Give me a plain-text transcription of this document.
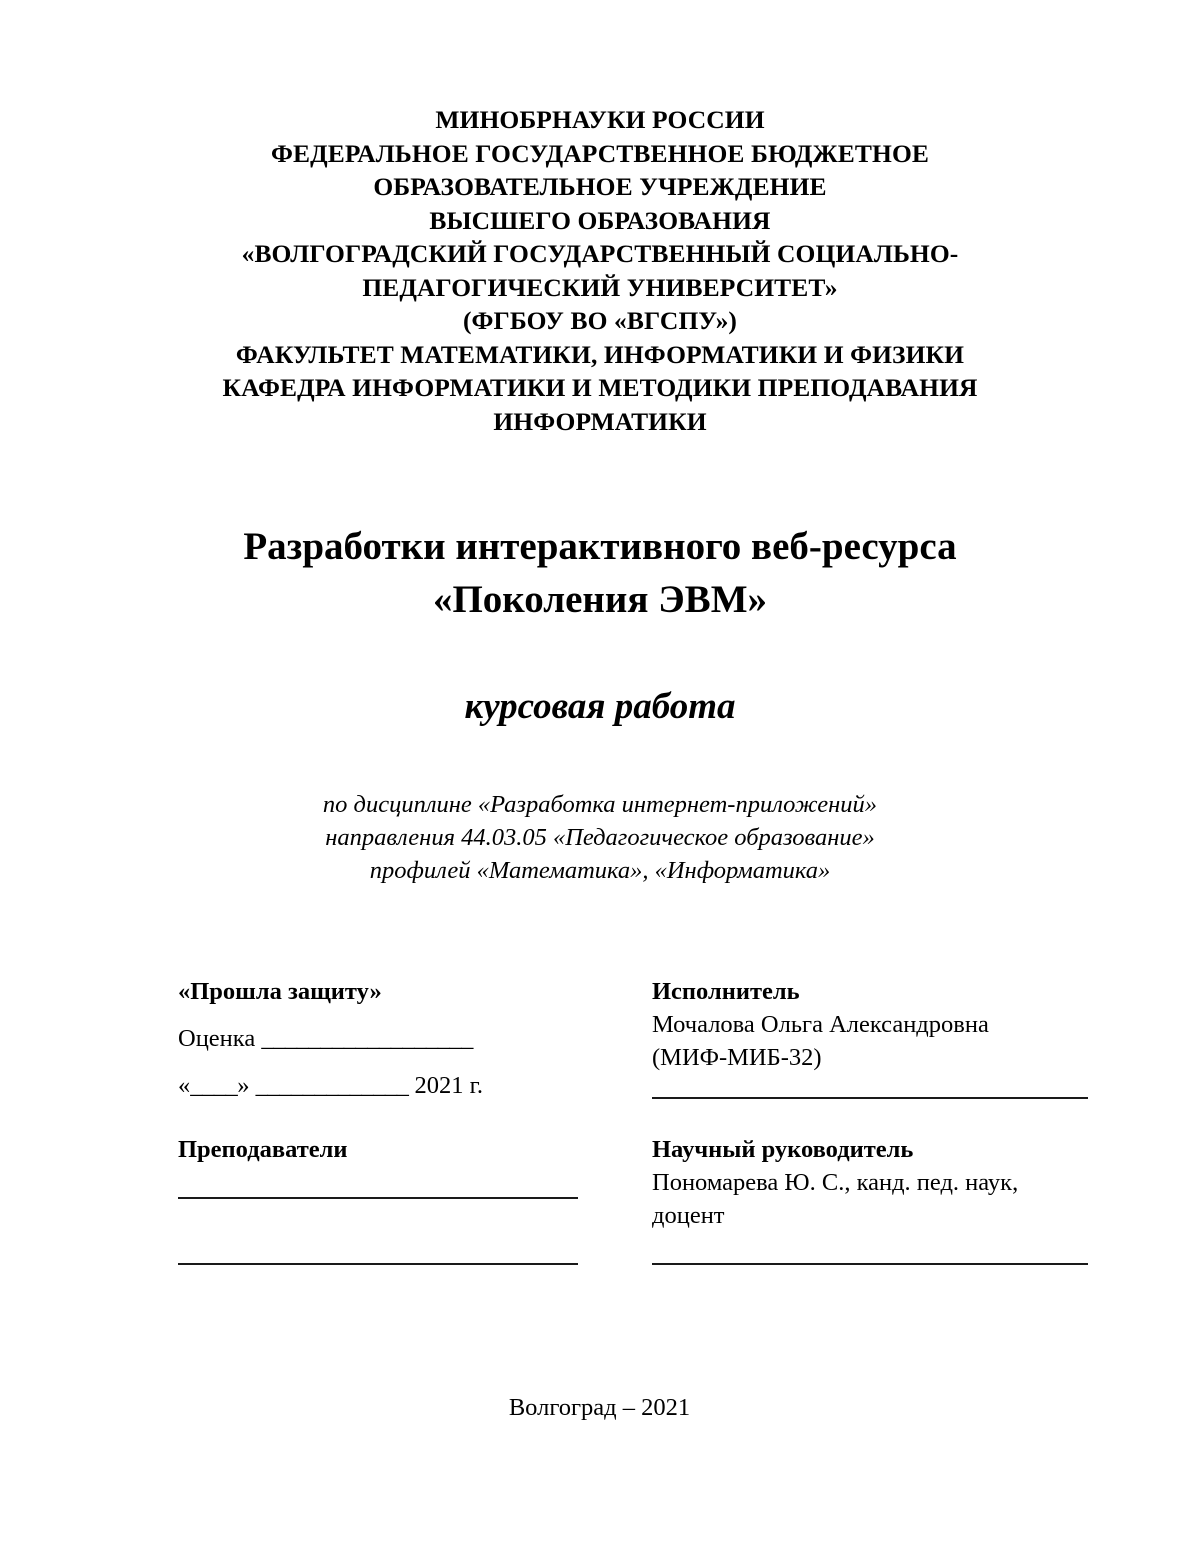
МИНОБРНАУКИ РОССИИ
ФЕДЕРАЛЬНОЕ ГОСУДАРСТВЕННОЕ БЮДЖЕТНОЕ
ОБРАЗОВАТЕЛЬНОЕ УЧРЕЖДЕНИЕ
ВЫСШЕГО ОБРАЗОВАНИЯ
«ВОЛГОГРАДСКИЙ ГОСУДАРСТВЕННЫЙ СОЦИАЛЬНО-
ПЕДАГОГИЧЕСКИЙ УНИВЕРСИТЕТ»
(ФГБОУ ВО «ВГСПУ»)
ФАКУЛЬТЕТ МАТЕМАТИКИ, ИНФОРМАТИКИ И ФИЗИКИ
КАФЕДРА ИНФОРМАТИКИ И МЕТОДИКИ ПРЕПОДАВАНИЯ
ИНФОРМАТИКИ
Разработки интерактивного веб-ресурса
«Поколения ЭВМ»
курсовая работа
по дисциплине «Разработка интернет-приложений»
направления 44.03.05 «Педагогическое образование»
профилей «Математика», «Информатика»

«Прошла защиту»

Оценка __________________

«____» _____________ 2021 г.

Преподаватели

Исполнитель

Мочалова Ольга Александровна

(МИФ-МИБ-32)

Научный руководитель

Пономарева Ю. С., канд. пед. наук,

доцент

Волгоград – 2021
